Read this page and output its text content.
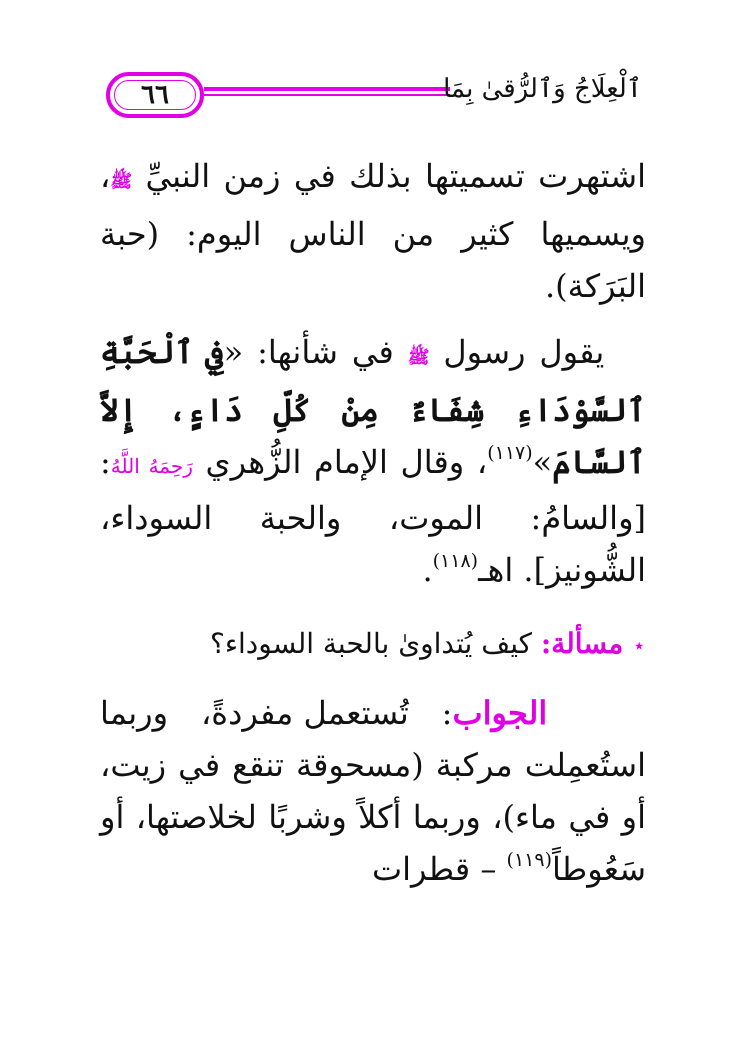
٦٦	ٱلْعِلَاجُ وَٱلرُّقىٰ بِمَا

اشتهرت تسميتها بذلك في زمن النبيِّ ﷺ، ويسميها كثير من الناس اليوم: (حبة البَرَكة).

يقول رسول ﷺ في شأنها: «فِي ٱلْحَبَّةِ ٱلسَّوْدَاءِ شِفَاءٌ مِنْ كُلِّ دَاءٍ، إِلاَّ ٱلسَّامَ»$^{(١١٧)}$، وقال الإمام الزُّهري رَحِمَهُ اللَّهُ: [والسامُ: الموت، والحبة السوداء، الشُّونيز]. اهـ$^{(١١٨)}$.

⋆ مسألة: كيف يُتداوىٰ بالحبة السوداء؟

الجواب: تُستعمل مفردةً، وربما استُعمِلت مركبة (مسحوقة تنقع في زيت، أو في ماء)، وربما أكلاً وشربًا لخلاصتها، أو سَعُوطاً$^{(١١٩)}$ – قطرات
